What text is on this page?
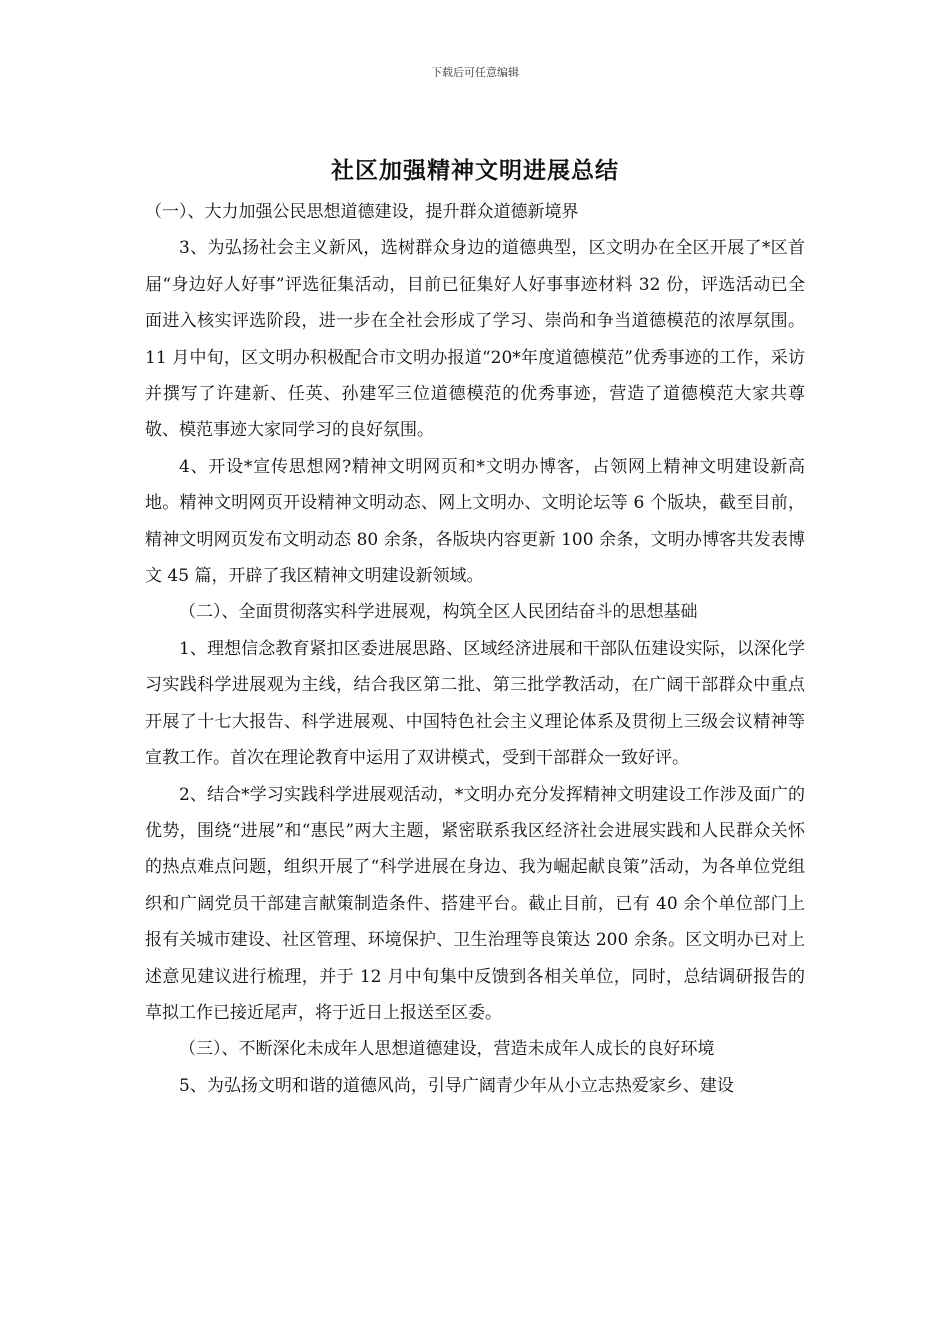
下载后可任意编辑
社区加强精神文明进展总结

（一）、大力加强公民思想道德建设，提升群众道德新境界

3、为弘扬社会主义新风，选树群众身边的道德典型，区文明办在全区开展了*区首届“身边好人好事”评选征集活动，目前已征集好人好事事迹材料 32 份，评选活动已全面进入核实评选阶段，进一步在全社会形成了学习、崇尚和争当道德模范的浓厚氛围。11 月中旬，区文明办积极配合市文明办报道“20*年度道德模范”优秀事迹的工作，采访并撰写了许建新、任英、孙建军三位道德模范的优秀事迹，营造了道德模范大家共尊敬、模范事迹大家同学习的良好氛围。

4、开设*宣传思想网?精神文明网页和*文明办博客，占领网上精神文明建设新高地。精神文明网页开设精神文明动态、网上文明办、文明论坛等 6 个版块，截至目前，精神文明网页发布文明动态 80 余条，各版块内容更新 100 余条，文明办博客共发表博文 45 篇，开辟了我区精神文明建设新领域。

（二）、全面贯彻落实科学进展观，构筑全区人民团结奋斗的思想基础

1、理想信念教育紧扣区委进展思路、区域经济进展和干部队伍建设实际，以深化学习实践科学进展观为主线，结合我区第二批、第三批学教活动，在广阔干部群众中重点开展了十七大报告、科学进展观、中国特色社会主义理论体系及贯彻上三级会议精神等宣教工作。首次在理论教育中运用了双讲模式，受到干部群众一致好评。

2、结合*学习实践科学进展观活动，*文明办充分发挥精神文明建设工作涉及面广的优势，围绕“进展”和“惠民”两大主题，紧密联系我区经济社会进展实践和人民群众关怀的热点难点问题，组织开展了“科学进展在身边、我为崛起献良策”活动，为各单位党组织和广阔党员干部建言献策制造条件、搭建平台。截止目前，已有 40 余个单位部门上报有关城市建设、社区管理、环境保护、卫生治理等良策达 200 余条。区文明办已对上述意见建议进行梳理，并于 12 月中旬集中反馈到各相关单位，同时，总结调研报告的草拟工作已接近尾声，将于近日上报送至区委。

（三）、不断深化未成年人思想道德建设，营造未成年人成长的良好环境

5、为弘扬文明和谐的道德风尚，引导广阔青少年从小立志热爱家乡、建设
